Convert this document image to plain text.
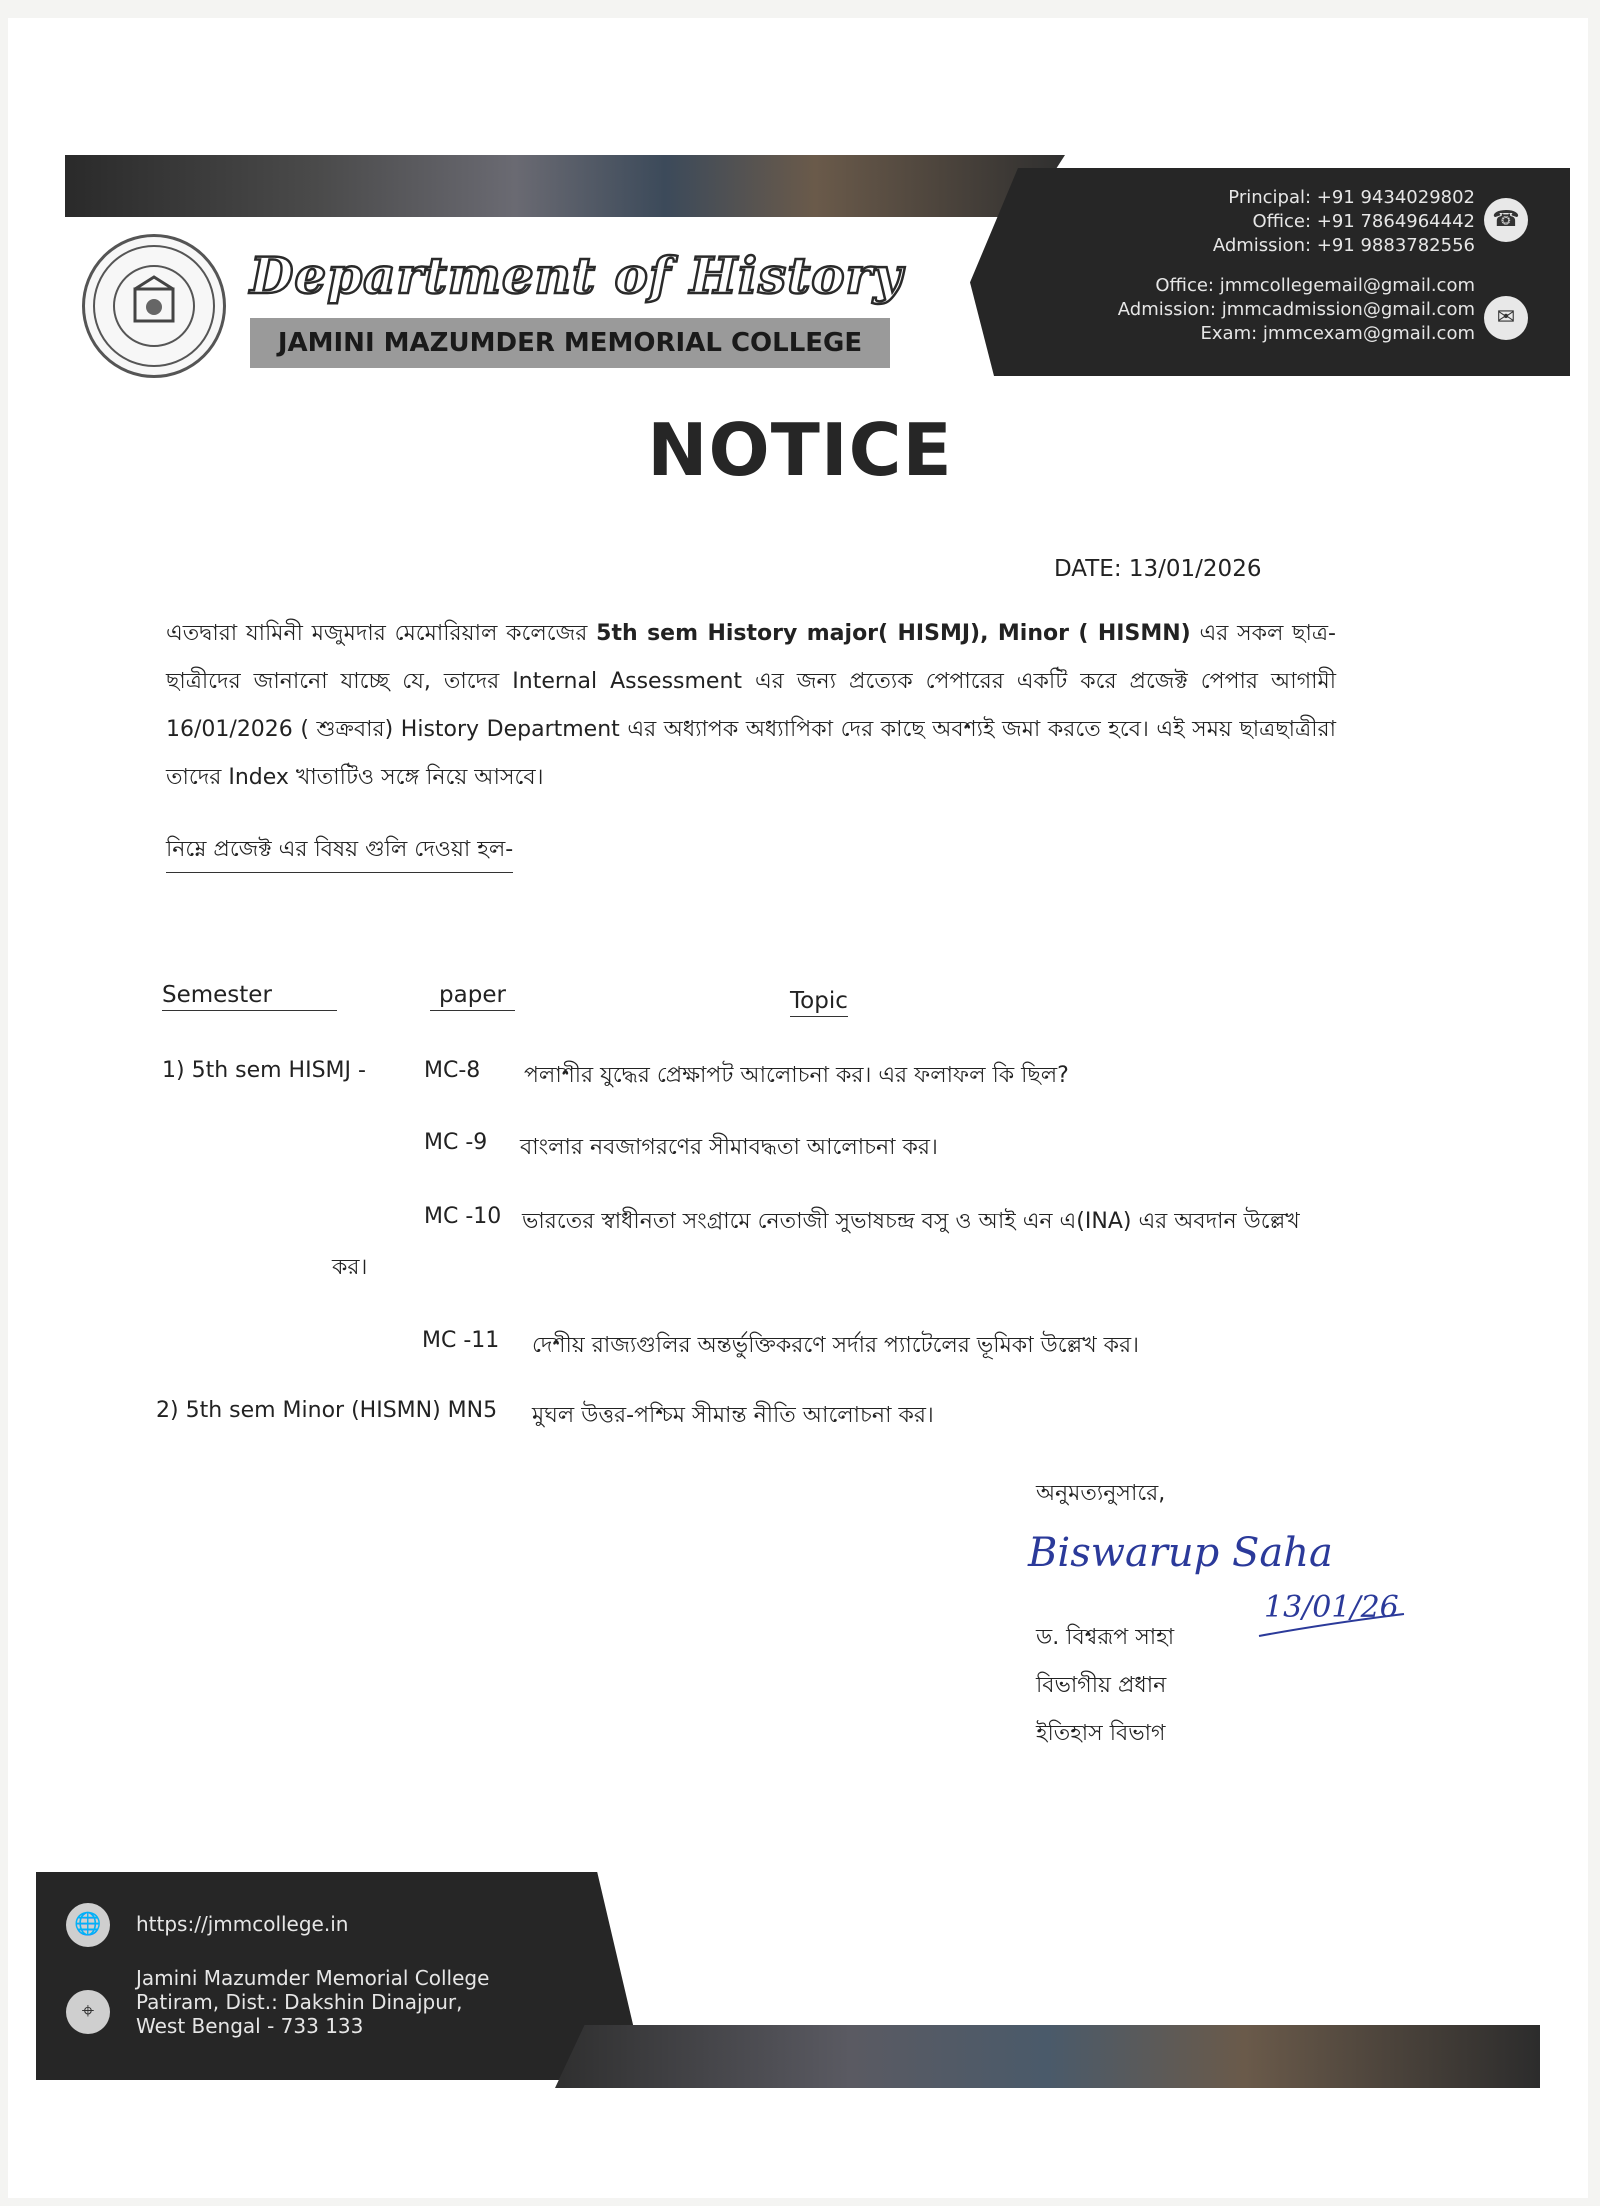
Department of History
JAMINI MAZUMDER MEMORIAL COLLEGE
Principal: +91 9434029802
Office: +91 7864964442
Admission: +91 9883782556
☎
Office: jmmcollegemail@gmail.com
Admission: jmmcadmission@gmail.com
Exam: jmmcexam@gmail.com
✉
NOTICE
DATE: 13/01/2026
এতদ্বারা যামিনী মজুমদার মেমোরিয়াল কলেজের 5th sem History major( HISMJ), Minor ( HISMN) এর সকল ছাত্র-ছাত্রীদের জানানো যাচ্ছে যে, তাদের Internal Assessment এর জন্য প্রত্যেক পেপারের একটি করে প্রজেক্ট পেপার আগামী 16/01/2026 ( শুক্রবার) History Department এর অধ্যাপক অধ্যাপিকা দের কাছে অবশ্যই জমা করতে হবে। এই সময় ছাত্রছাত্রীরা তাদের Index খাতাটিও সঙ্গে নিয়ে আসবে।
নিম্নে প্রজেক্ট এর বিষয় গুলি দেওয়া হল-
Semester	paper	Topic
1) 5th sem HISMJ -	MC-8 পলাশীর যুদ্ধের প্রেক্ষাপট আলোচনা কর। এর ফলাফল কি ছিল?
MC -9 বাংলার নবজাগরণের সীমাবদ্ধতা আলোচনা কর।
MC -10 ভারতের স্বাধীনতা সংগ্রামে নেতাজী সুভাষচন্দ্র বসু ও আই এন এ(INA) এর অবদান উল্লেখ
কর।
MC -11 দেশীয় রাজ্যগুলির অন্তর্ভুক্তিকরণে সর্দার প্যাটেলের ভূমিকা উল্লেখ কর।
2) 5th sem Minor (HISMN) MN5 মুঘল উত্তর-পশ্চিম সীমান্ত নীতি আলোচনা কর।
অনুমত্যনুসারে,
Biswarup Saha
13/01/26
ড. বিশ্বরূপ সাহা
বিভাগীয় প্রধান
ইতিহাস বিভাগ
🌐	https://jmmcollege.in
⌖
Jamini Mazumder Memorial College
Patiram, Dist.: Dakshin Dinajpur,
West Bengal - 733 133
